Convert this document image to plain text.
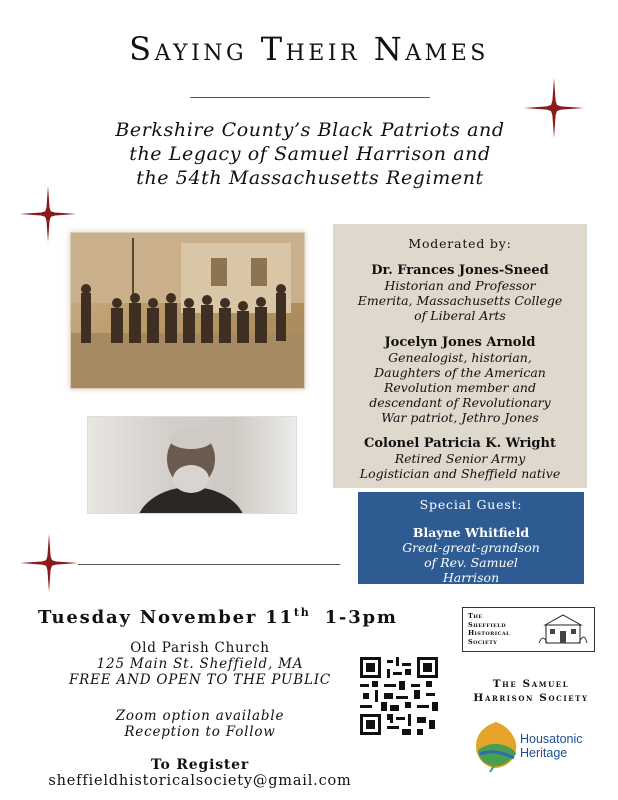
Saying Their Names
Berkshire County’s Black Patriots and
the Legacy of Samuel Harrison and
the 54th Massachusetts Regiment
Moderated by:
Dr. Frances Jones-Sneed
Historian and Professor
Emerita, Massachusetts College
of Liberal Arts
Jocelyn Jones Arnold
Genealogist, historian,
Daughters of the American
Revolution member and
descendant of Revolutionary
War patriot, Jethro Jones
Colonel Patricia K. Wright
Retired Senior Army
Logistician and Sheffield native
Special Guest:
Blayne Whitfield
Great-great-grandson
of Rev. Samuel
Harrison
Tuesday November 11th 1-3pm
Old Parish Church
125 Main St. Sheffield, MA
FREE AND OPEN TO THE PUBLIC
Zoom option available
Reception to Follow
To Register
sheffieldhistoricalsociety@gmail.com
The
Sheffield
Historical
Society
The Samuel
Harrison Society
Housatonic
Heritage
